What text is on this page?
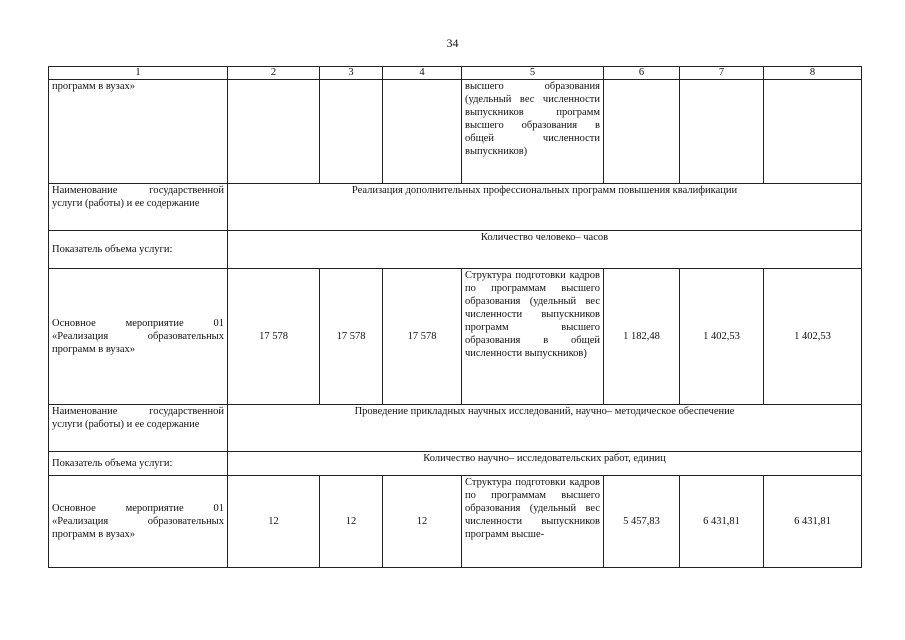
34
1	2	3	4	5	6	7	8
программ в вузах»				высшего образования (удельный вес численности выпускников программ высшего образования в общей численности выпускников)			
Наименование государственной услуги (работы) и ее содержание	Реализация дополнительных профессиональных программ повышения квалификации						
Показатель объема услуги:	Количество человеко– часов						
Основное мероприятие 01 «Реализация образовательных программ в вузах»	17 578	17 578	17 578	Структура подготовки кадров по программам высшего образования (удельный вес численности выпускников программ высшего образования в общей численности выпускников)	1 182,48	1 402,53	1 402,53
Наименование государственной услуги (работы) и ее содержание	Проведение прикладных научных исследований, научно– методическое обеспечение						
Показатель объема услуги:	Количество научно– исследовательских работ, единиц						
Основное мероприятие 01 «Реализация образовательных программ в вузах»	12	12	12	Структура подготовки кадров по программам высшего образования (удельный вес численности выпускников программ высше-	5 457,83	6 431,81	6 431,81
